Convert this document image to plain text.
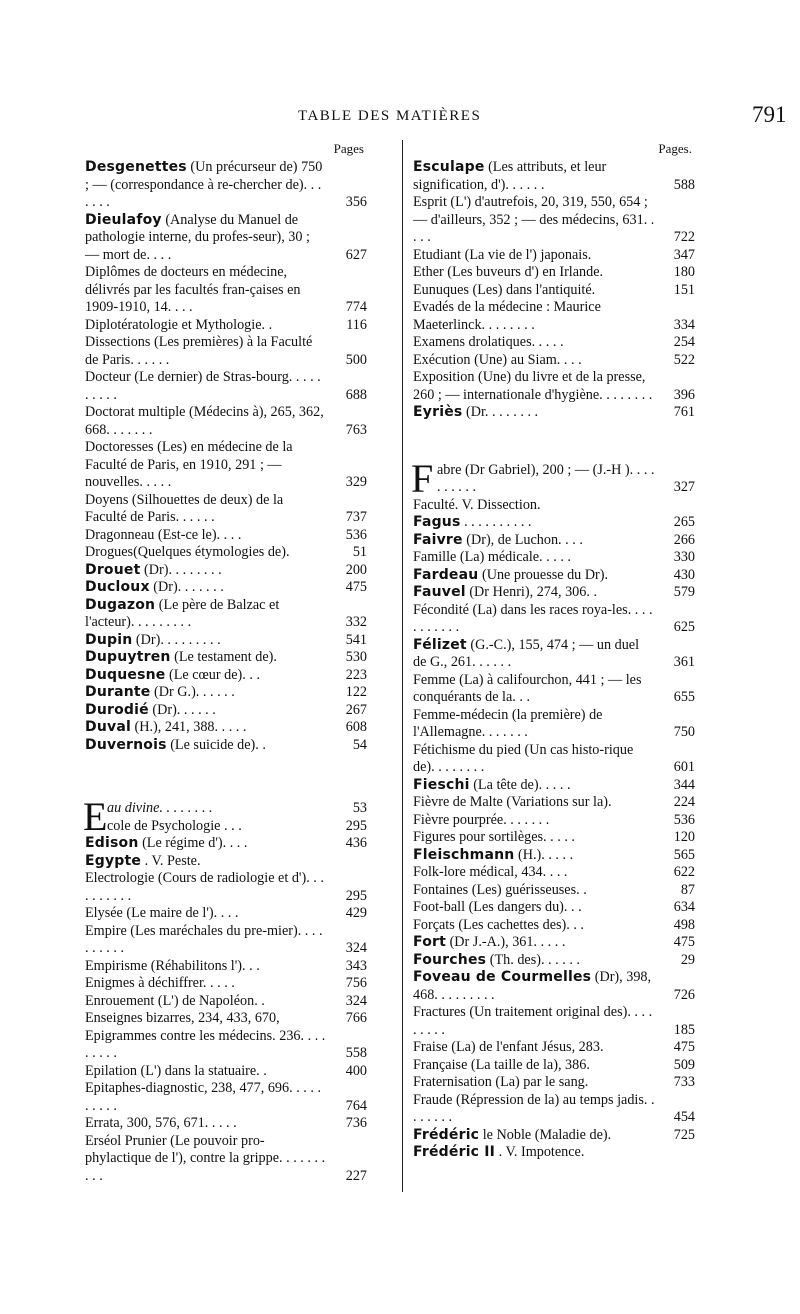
TABLE DES MATIÈRES	791
Pages
Desgenettes (Un précurseur de) 750 ; — (correspondance à re-chercher de). . . . . . .	356
Dieulafoy (Analyse du Manuel de pathologie interne, du profes-seur), 30 ; — mort de. . . .	627
Diplômes de docteurs en médecine, délivrés par les facultés fran-çaises en 1909-1910, 14. . . .	774
Diplotératologie et Mythologie. .	116
Dissections (Les premières) à la Faculté de Paris. . . . . .	500
Docteur (Le dernier) de Stras-bourg. . . . . . . . . .	688
Doctorat multiple (Médecins à), 265, 362, 668. . . . . . .	763
Doctoresses (Les) en médecine de la Faculté de Paris, en 1910, 291 ; — nouvelles. . . . .	329
Doyens (Silhouettes de deux) de la Faculté de Paris. . . . . .	737
Dragonneau (Est-ce le). . . .	536
Drogues(Quelques étymologies de).	51
Drouet (Dr). . . . . . . .	200
Ducloux (Dr). . . . . . .	475
Dugazon (Le père de Balzac et l'acteur). . . . . . . . .	332
Dupin (Dr). . . . . . . . .	541
Dupuytren (Le testament de).	530
Duquesne (Le cœur de). . .	223
Durante (Dr G.). . . . . .	122
Durodié (Dr). . . . . .	267
Duval (H.), 241, 388. . . . .	608
Duvernois (Le suicide de). .	54
E au divine. . . . . . . .	53
cole de Psychologie . . .	295
Edison (Le régime d'). . . .	436
Egypte . V. Peste.
Electrologie (Cours de radiologie et d'). . . . . . . . . .	295
Elysée (Le maire de l'). . . .	429
Empire (Les maréchales du pre-mier). . . . . . . . . .	324
Empirisme (Réhabilitons l'). . .	343
Enigmes à déchiffrer. . . . .	756
Enrouement (L') de Napoléon. .	324
Enseignes bizarres, 234, 433, 670,	766
Epigrammes contre les médecins. 236. . . . . . . . .	558
Epilation (L') dans la statuaire. .	400
Epitaphes-diagnostic, 238, 477, 696. . . . . . . . . .	764
Errata, 300, 576, 671. . . . .	736
Erséol Prunier (Le pouvoir pro-phylactique de l'), contre la grippe. . . . . . . . . .	227
Pages.
Esculape (Les attributs, et leur signification, d'). . . . . .	588
Esprit (L') d'autrefois, 20, 319, 550, 654 ; — d'ailleurs, 352 ; — des médecins, 631. . . . .	722
Etudiant (La vie de l') japonais.	347
Ether (Les buveurs d') en Irlande.	180
Eunuques (Les) dans l'antiquité.	151
Evadés de la médecine : Maurice Maeterlinck. . . . . . . .	334
Examens drolatiques. . . . .	254
Exécution (Une) au Siam. . . .	522
Exposition (Une) du livre et de la presse, 260 ; — internationale d'hygiène. . . . . . . . 396
Eyriès (Dr. . . . . . . .	761
F abre (Dr Gabriel), 200 ; — (J.-H ). . . . . . . . . .	327
Faculté. V. Dissection.
Fagus . . . . . . . . . .	265
Faivre (Dr), de Luchon. . . .	266
Famille (La) médicale. . . . .	330
Fardeau (Une prouesse du Dr).	430
Fauvel (Dr Henri), 274, 306. .	579
Fécondité (La) dans les races roya-les. . . . . . . . . . .	625
Félizet (G.-C.), 155, 474 ; — un duel de G., 261. . . . . .	361
Femme (La) à califourchon, 441 ; — les conquérants de la. . .	655
Femme-médecin (la première) de l'Allemagne. . . . . . .	750
Fétichisme du pied (Un cas histo-rique de). . . . . . . .	601
Fieschi (La tête de). . . . .	344
Fièvre de Malte (Variations sur la).	224
Fièvre pourprée. . . . . . .	536
Figures pour sortilèges. . . . .	120
Fleischmann (H.). . . . .	565
Folk-lore médical, 434. . . .	622
Fontaines (Les) guérisseuses. .	87
Foot-ball (Les dangers du). . .	634
Forçats (Les cachettes des). . .	498
Fort (Dr J.-A.), 361. . . . .	475
Fourches (Th. des). . . . . .	29
Foveau de Courmelles (Dr), 398, 468. . . . . . . . .	726
Fractures (Un traitement original des). . . . . . . . .	185
Fraise (La) de l'enfant Jésus, 283.	475
Française (La taille de la), 386.	509
Fraternisation (La) par le sang.	733
Fraude (Répression de la) au temps jadis. . . . . . . .	454
Frédéric le Noble (Maladie de).	725
Frédéric II . V. Impotence.
